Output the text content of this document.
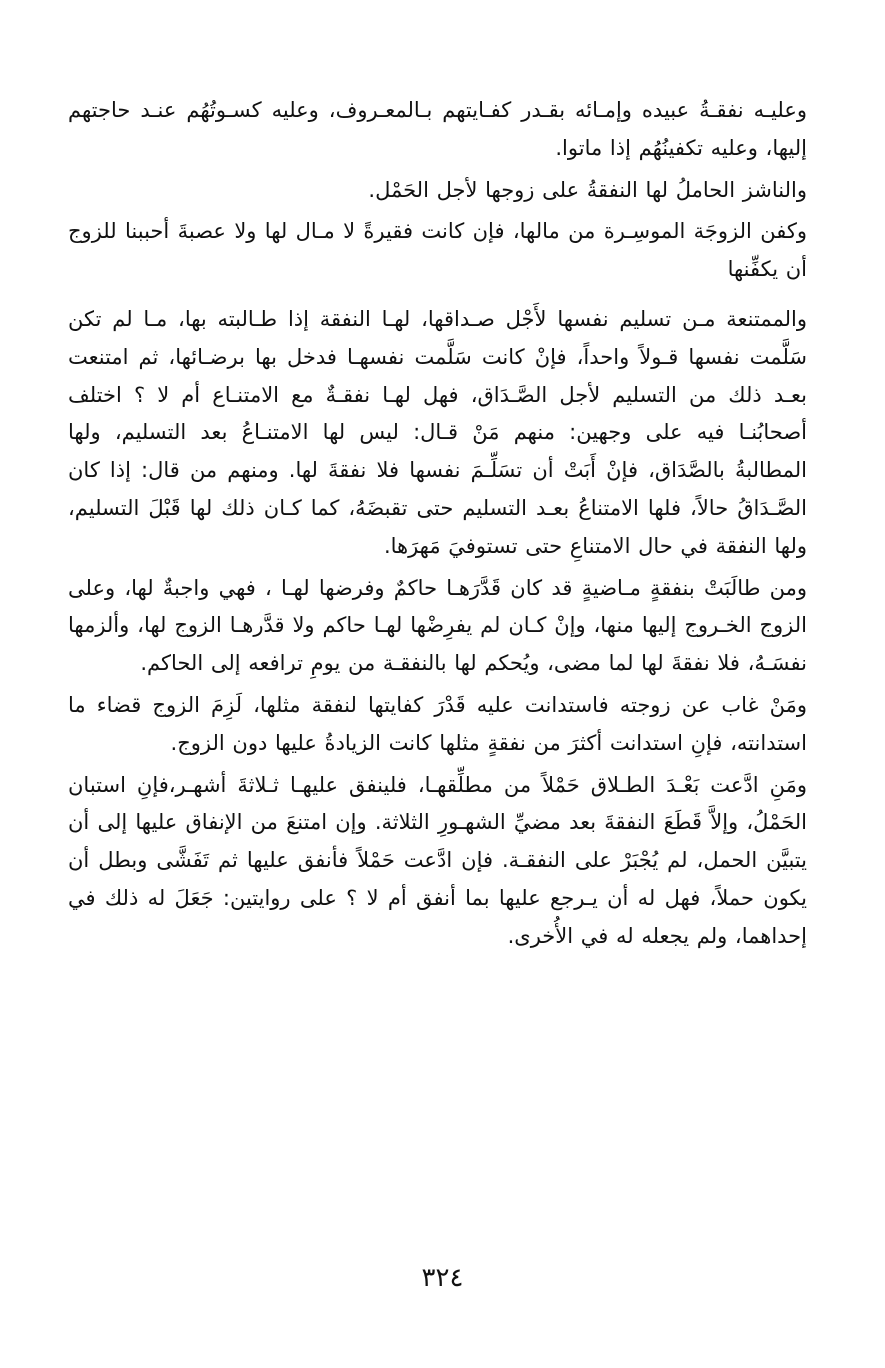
وعليـه نفقـةُ عبيده وإمـائه بقـدر كفـايتهم بـالمعـروف، وعليه كسـوتُهُم عنـد حاجتهم إليها، وعليه تكفينُهُم إذا ماتوا.

والناشز الحاملُ لها النفقةُ على زوجها لأجل الحَمْل.

وكفن الزوجَة الموسِـرة من مالها، فإن كانت فقيرةً لا مـال لها ولا عصبةَ أحببنا للزوج أن يكفِّنها

والممتنعة مـن تسليم نفسها لأَجْل صـداقها، لهـا النفقة إذا طـالبته بها، مـا لم تكن سَلَّمت نفسها قـولاً واحداً، فإنْ كانت سَلَّمت نفسهـا فدخل بها برضـائها، ثم امتنعت بعـد ذلك من التسليم لأجل الصَّـدَاق، فهل لهـا نفقـةٌ مع الامتنـاع أم لا ؟ اختلف أصحابُنـا فيه على وجهين: منهم مَنْ قـال: ليس لها الامتنـاعُ بعد التسليم، ولها المطالبةُ بالصَّدَاق، فإنْ أَبَتْ أن تسَلِّـمَ نفسها فلا نفقةَ لها. ومنهم من قال: إذا كان الصَّـدَاقُ حالاً، فلها الامتناعُ بعـد التسليم حتى تقبضَهُ، كما كـان ذلك لها قَبْلَ التسليم، ولها النفقة في حال الامتناعِ حتى تستوفيَ مَهرَها.

ومن طالَبَتْ بنفقةٍ مـاضيةٍ قد كان قَدَّرَهـا حاكمٌ وفرضها لهـا ، فهي واجبةٌ لها، وعلى الزوج الخـروج إليها منها، وإنْ كـان لم يفرِضْها لهـا حاكم ولا قدَّرهـا الزوج لها، وألزمها نفسَـهُ، فلا نفقةَ لها لما مضى، ويُحكم لها بالنفقـة من يومِ ترافعه إلى الحاكم.

ومَنْ غاب عن زوجته فاستدانت عليه قَدْرَ كفايتها لنفقة مثلها، لَزِمَ الزوج قضاء ما استدانته، فإنِ استدانت أكثرَ من نفقةٍ مثلها كانت الزيادةُ عليها دون الزوج.

ومَنِ ادَّعت بَعْـدَ الطـلاق حَمْلاً من مطلِّقهـا، فلينفق عليهـا ثـلاثةَ أشهـر،فإنِ استبان الحَمْلُ، وإلاَّ قَطَعَ النفقةَ بعد مضيِّ الشهـورِ الثلاثة. وإن امتنعَ من الإنفاق عليها إلى أن يتبيَّن الحمل، لم يُجْبَرْ على النفقـة. فإن ادَّعت حَمْلاً فأنفق عليها ثم تَفَشَّى وبطل أن يكون حملاً، فهل له أن يـرجع عليها بما أنفق أم لا ؟ على روايتين: جَعَلَ له ذلك في إحداهما، ولم يجعله له في الأُخرى.

٣٢٤
